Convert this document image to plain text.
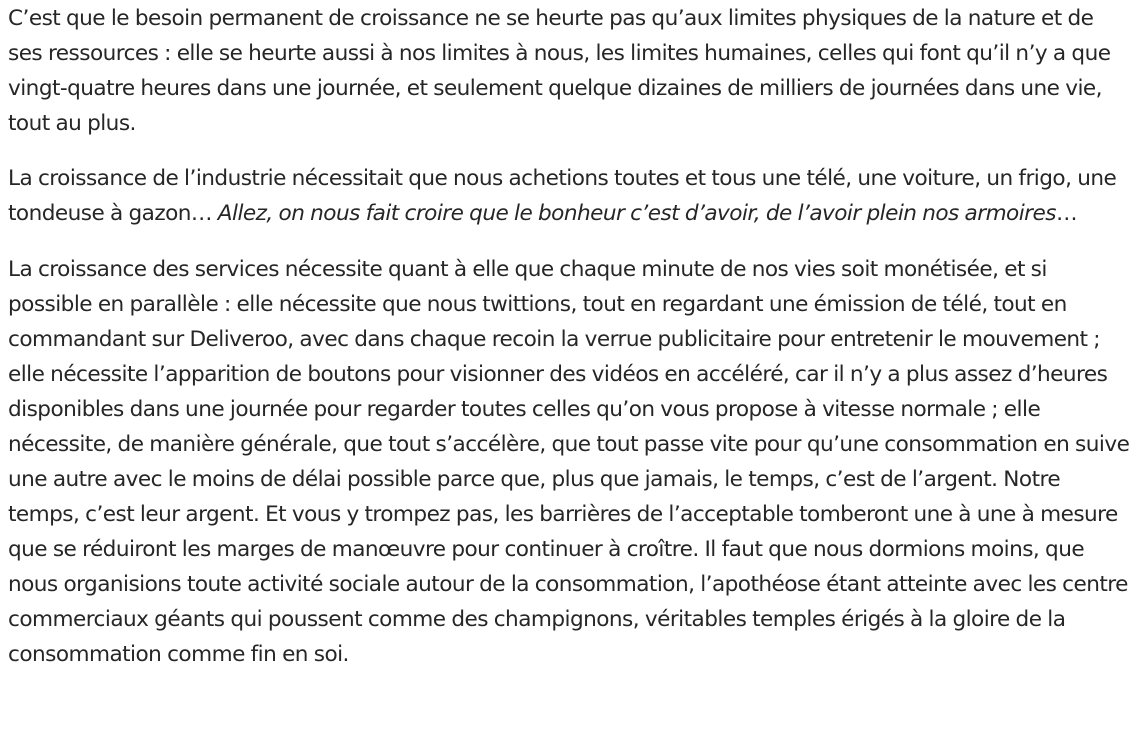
C’est que le besoin permanent de croissance ne se heurte pas qu’aux limites physiques de la nature et de ses ressources : elle se heurte aussi à nos limites à nous, les limites humaines, celles qui font qu’il n’y a que vingt-quatre heures dans une journée, et seulement quelque dizaines de milliers de journées dans une vie, tout au plus.

La croissance de l’industrie nécessitait que nous achetions toutes et tous une télé, une voiture, un frigo, une tondeuse à gazon… Allez, on nous fait croire que le bonheur c’est d’avoir, de l’avoir plein nos armoires…

La croissance des services nécessite quant à elle que chaque minute de nos vies soit monétisée, et si possible en parallèle : elle nécessite que nous twittions, tout en regardant une émission de télé, tout en commandant sur Deliveroo, avec dans chaque recoin la verrue publicitaire pour entretenir le mouvement ; elle nécessite l’apparition de boutons pour visionner des vidéos en accéléré, car il n’y a plus assez d’heures disponibles dans une journée pour regarder toutes celles qu’on vous propose à vitesse normale ; elle nécessite, de manière générale, que tout s’accélère, que tout passe vite pour qu’une consommation en suive une autre avec le moins de délai possible parce que, plus que jamais, le temps, c’est de l’argent. Notre temps, c’est leur argent. Et vous y trompez pas, les barrières de l’acceptable tomberont une à une à mesure que se réduiront les marges de manœuvre pour continuer à croître. Il faut que nous dormions moins, que nous organisions toute activité sociale autour de la consommation, l’apothéose étant atteinte avec les centre commerciaux géants qui poussent comme des champignons, véritables temples érigés à la gloire de la consommation comme fin en soi.
